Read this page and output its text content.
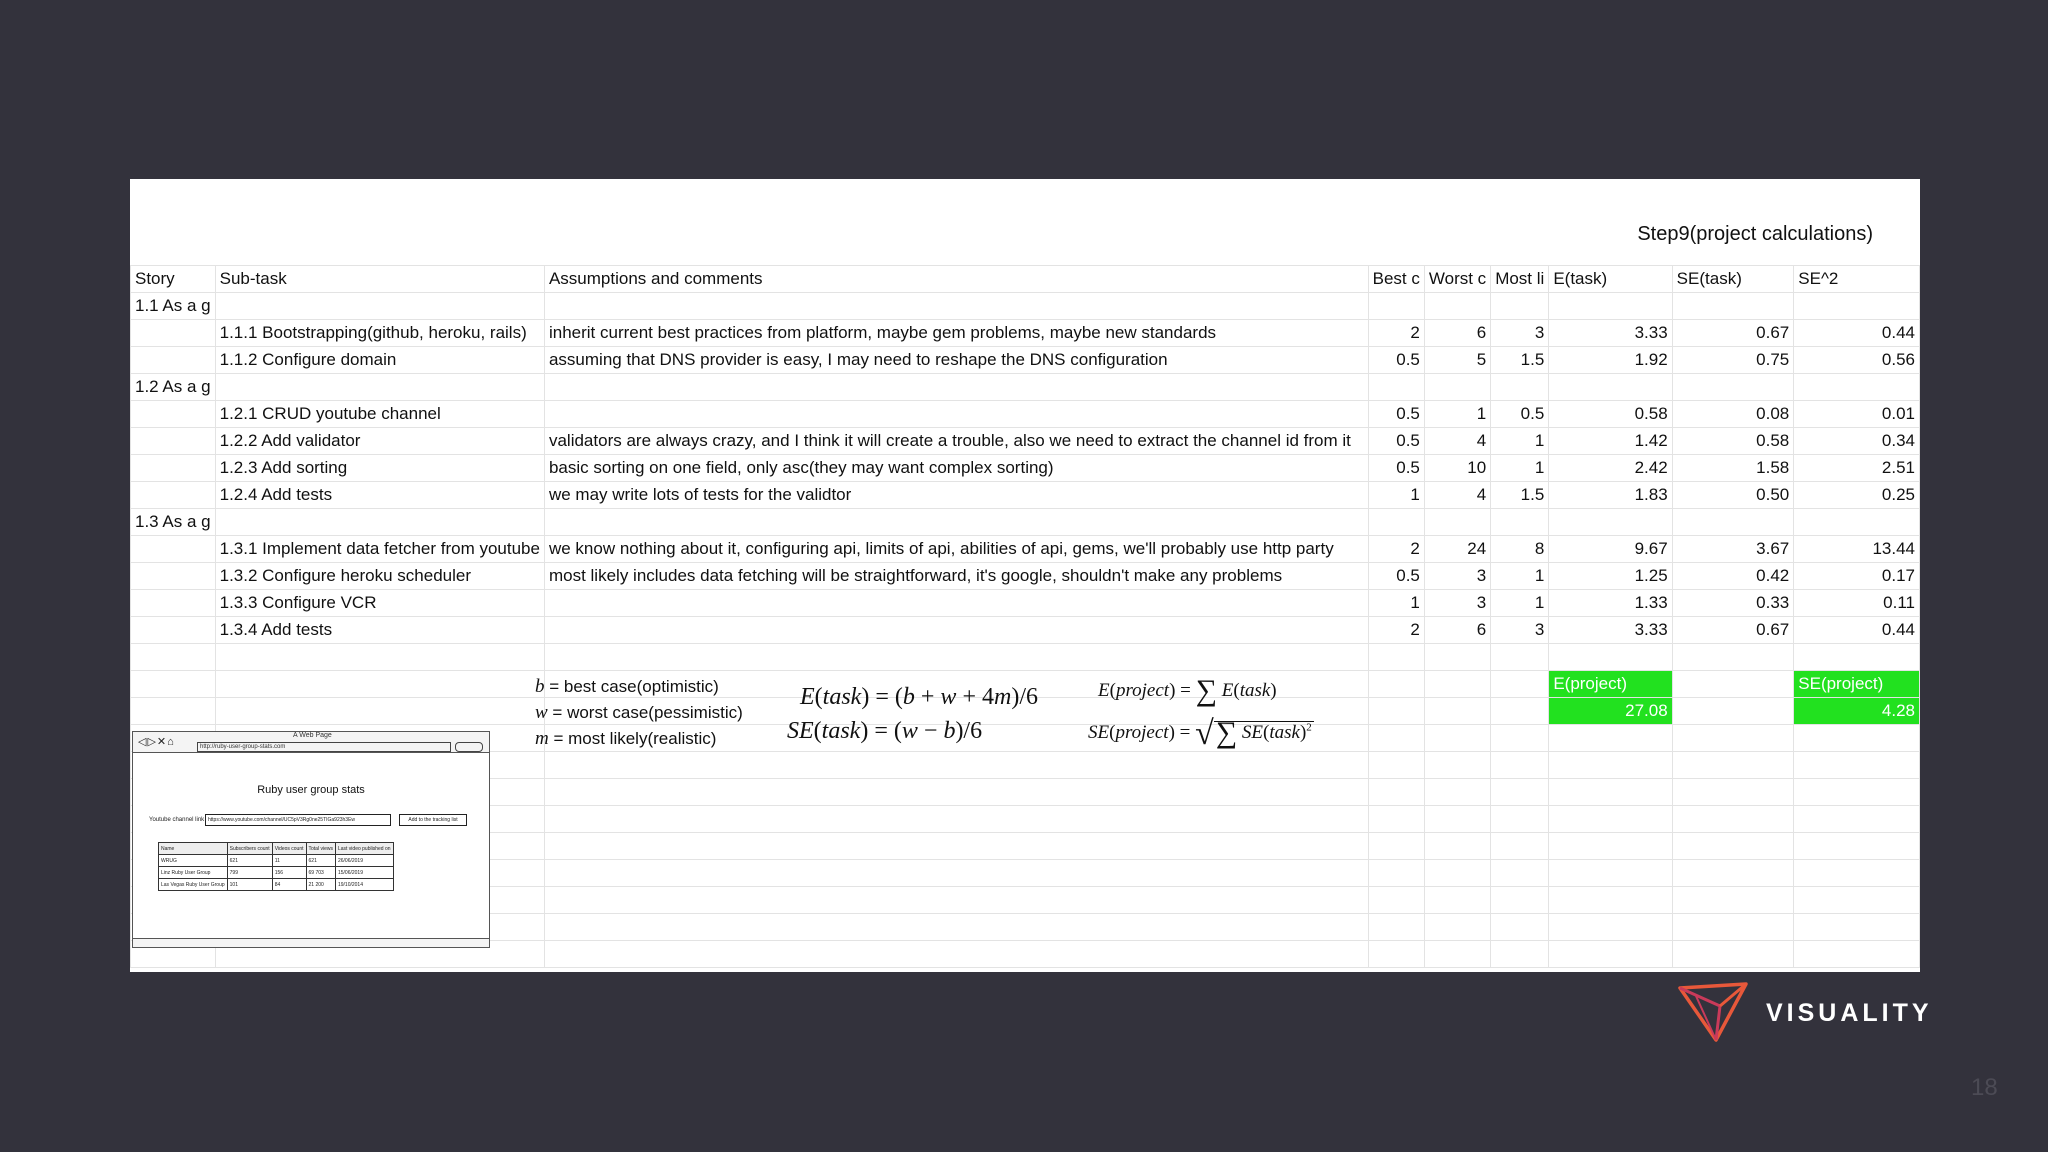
Step9(project calculations)
Story	Sub-task	Assumptions and comments	Best c	Worst c	Most li	E(task)	SE(task)	SE^2
1.1 As a g								
	1.1.1 Bootstrapping(github, heroku, rails)	inherit current best practices from platform, maybe gem problems, maybe new standards	2	6	3	3.33	0.67	0.44
	1.1.2 Configure domain	assuming that DNS provider is easy, I may need to reshape the DNS configuration	0.5	5	1.5	1.92	0.75	0.56
1.2 As a g								
	1.2.1 CRUD youtube channel		0.5	1	0.5	0.58	0.08	0.01
	1.2.2 Add validator	validators are always crazy, and I think it will create a trouble, also we need to extract the channel id from it	0.5	4	1	1.42	0.58	0.34
	1.2.3 Add sorting	basic sorting on one field, only asc(they may want complex sorting)	0.5	10	1	2.42	1.58	2.51
	1.2.4 Add tests	we may write lots of tests for the validtor	1	4	1.5	1.83	0.50	0.25
1.3 As a g								
	1.3.1 Implement data fetcher from youtube	we know nothing about it, configuring api, limits of api, abilities of api, gems, we'll probably use http party	2	24	8	9.67	3.67	13.44
	1.3.2 Configure heroku scheduler	most likely includes data fetching will be straightforward, it's google, shouldn't make any problems	0.5	3	1	1.25	0.42	0.17
	1.3.3 Configure VCR		1	3	1	1.33	0.33	0.11
	1.3.4 Add tests		2	6	3	3.33	0.67	0.44

						E(project)		SE(project)
						27.08		4.28

b = best case(optimistic)
w = worst case(pessimistic)
m = most likely(realistic)
E(task) = (b + w + 4m)/6
SE(task) = (w − b)/6
E(project) = ∑ E(task)
SE(project) = √∑ SE(task)$^2$
A Web Page
◁▷✕⌂	http://ruby-user-group-stats.com
Ruby user group stats
Youtube channel link https://www.youtube.com/channel/UC5pV3Rg0ne25TIGa923h3Ew	Add to the tracking list
Name	Subscribers count	Videos count	Total views	Last video published on
WRUG	621	11	621	26/06/2019
Linz Ruby User Group	799	156	69 703	15/06/2019
Las Vegas Ruby User Group	101	84	21 200	19/10/2014
VISUALITY
18
